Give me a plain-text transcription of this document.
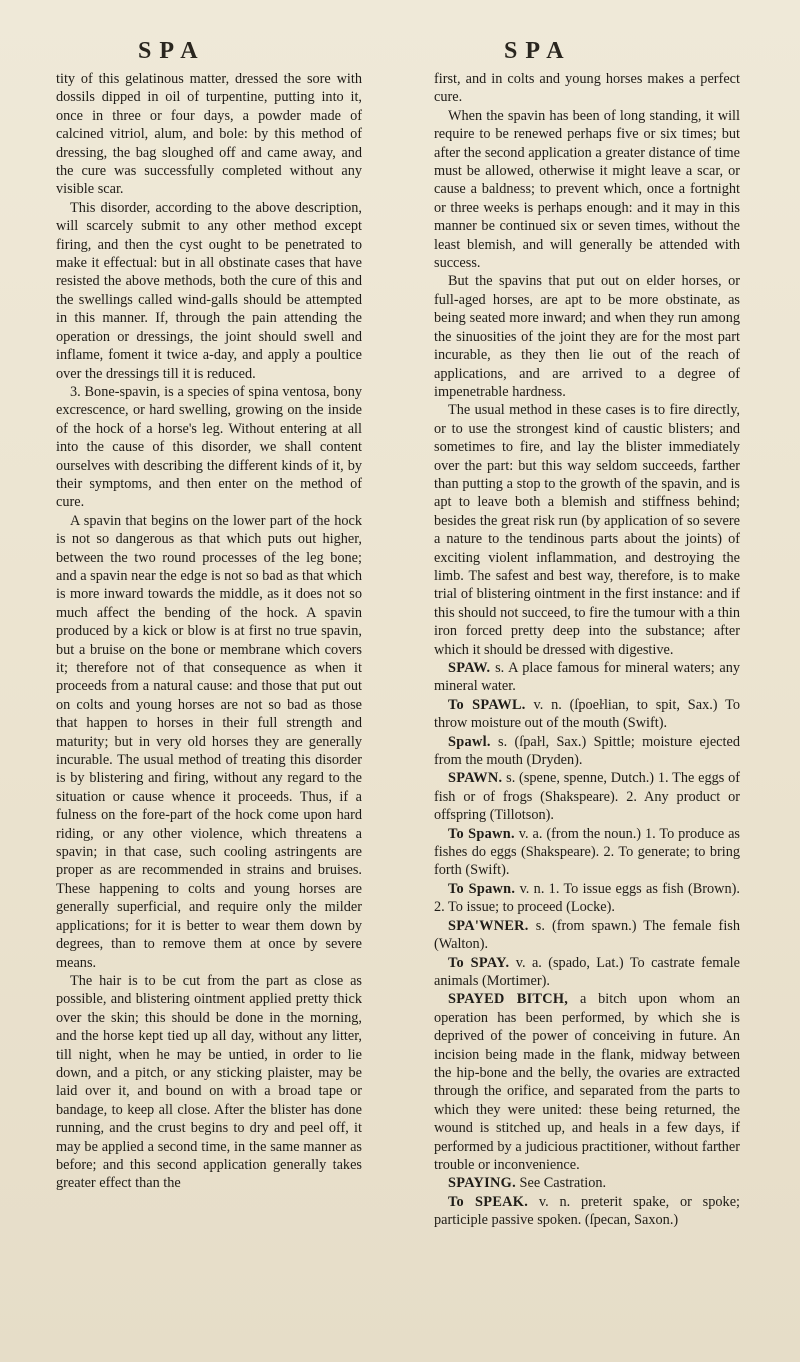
SPA	SPA

tity of this gelatinous matter, dressed the sore with dossils dipped in oil of turpentine, putting into it, once in three or four days, a powder made of calcined vitriol, alum, and bole: by this method of dressing, the bag sloughed off and came away, and the cure was successfully completed without any visible scar.

This disorder, according to the above description, will scarcely submit to any other method except firing, and then the cyst ought to be penetrated to make it effectual: but in all obstinate cases that have resisted the above methods, both the cure of this and the swellings called wind-galls should be attempted in this manner. If, through the pain attending the operation or dressings, the joint should swell and inflame, foment it twice a-day, and apply a poultice over the dressings till it is reduced.

3. Bone-spavin, is a species of spina ventosa, bony excrescence, or hard swelling, growing on the inside of the hock of a horse's leg. Without entering at all into the cause of this disorder, we shall content ourselves with describing the different kinds of it, by their symptoms, and then enter on the method of cure.

A spavin that begins on the lower part of the hock is not so dangerous as that which puts out higher, between the two round processes of the leg bone; and a spavin near the edge is not so bad as that which is more inward towards the middle, as it does not so much affect the bending of the hock. A spavin produced by a kick or blow is at first no true spavin, but a bruise on the bone or membrane which covers it; therefore not of that consequence as when it proceeds from a natural cause: and those that put out on colts and young horses are not so bad as those that happen to horses in their full strength and maturity; but in very old horses they are generally incurable. The usual method of treating this disorder is by blistering and firing, without any regard to the situation or cause whence it proceeds. Thus, if a fulness on the fore-part of the hock come upon hard riding, or any other violence, which threatens a spavin; in that case, such cooling astringents are proper as are recommended in strains and bruises. These happening to colts and young horses are generally superficial, and require only the milder applications; for it is better to wear them down by degrees, than to remove them at once by severe means.

The hair is to be cut from the part as close as possible, and blistering ointment applied pretty thick over the skin; this should be done in the morning, and the horse kept tied up all day, without any litter, till night, when he may be untied, in order to lie down, and a pitch, or any sticking plaister, may be laid over it, and bound on with a broad tape or bandage, to keep all close. After the blister has done running, and the crust begins to dry and peel off, it may be applied a second time, in the same manner as before; and this second application generally takes greater effect than the

first, and in colts and young horses makes a perfect cure.

When the spavin has been of long standing, it will require to be renewed perhaps five or six times; but after the second application a greater distance of time must be allowed, otherwise it might leave a scar, or cause a baldness; to prevent which, once a fortnight or three weeks is perhaps enough: and it may in this manner be continued six or seven times, without the least blemish, and will generally be attended with success.

But the spavins that put out on elder horses, or full-aged horses, are apt to be more obstinate, as being seated more inward; and when they run among the sinuosities of the joint they are for the most part incurable, as they then lie out of the reach of applications, and are arrived to a degree of impenetrable hardness.

The usual method in these cases is to fire directly, or to use the strongest kind of caustic blisters; and sometimes to fire, and lay the blister immediately over the part: but this way seldom succeeds, farther than putting a stop to the growth of the spavin, and is apt to leave both a blemish and stiffness behind; besides the great risk run (by application of so severe a nature to the tendinous parts about the joints) of exciting violent inflammation, and destroying the limb. The safest and best way, therefore, is to make trial of blistering ointment in the first instance: and if this should not succeed, to fire the tumour with a thin iron forced pretty deep into the substance; after which it should be dressed with digestive.

SPAW. s. A place famous for mineral waters; any mineral water.

To SPAWL. v. n. (ſpoeŀlian, to spit, Sax.) To throw moisture out of the mouth (Swift).

Spawl. s. (ſpaŀl, Sax.) Spittle; moisture ejected from the mouth (Dryden).

SPAWN. s. (spene, spenne, Dutch.) 1. The eggs of fish or of frogs (Shakspeare). 2. Any product or offspring (Tillotson).

To Spawn. v. a. (from the noun.) 1. To produce as fishes do eggs (Shakspeare). 2. To generate; to bring forth (Swift).

To Spawn. v. n. 1. To issue eggs as fish (Brown). 2. To issue; to proceed (Locke).

SPA'WNER. s. (from spawn.) The female fish (Walton).

To SPAY. v. a. (spado, Lat.) To castrate female animals (Mortimer).

SPAYED BITCH, a bitch upon whom an operation has been performed, by which she is deprived of the power of conceiving in future. An incision being made in the flank, midway between the hip-bone and the belly, the ovaries are extracted through the orifice, and separated from the parts to which they were united: these being returned, the wound is stitched up, and heals in a few days, if performed by a judicious practitioner, without farther trouble or inconvenience.

SPAYING. See Castration.

To SPEAK. v. n. preterit spake, or spoke; participle passive spoken. (ſpecan, Saxon.)
